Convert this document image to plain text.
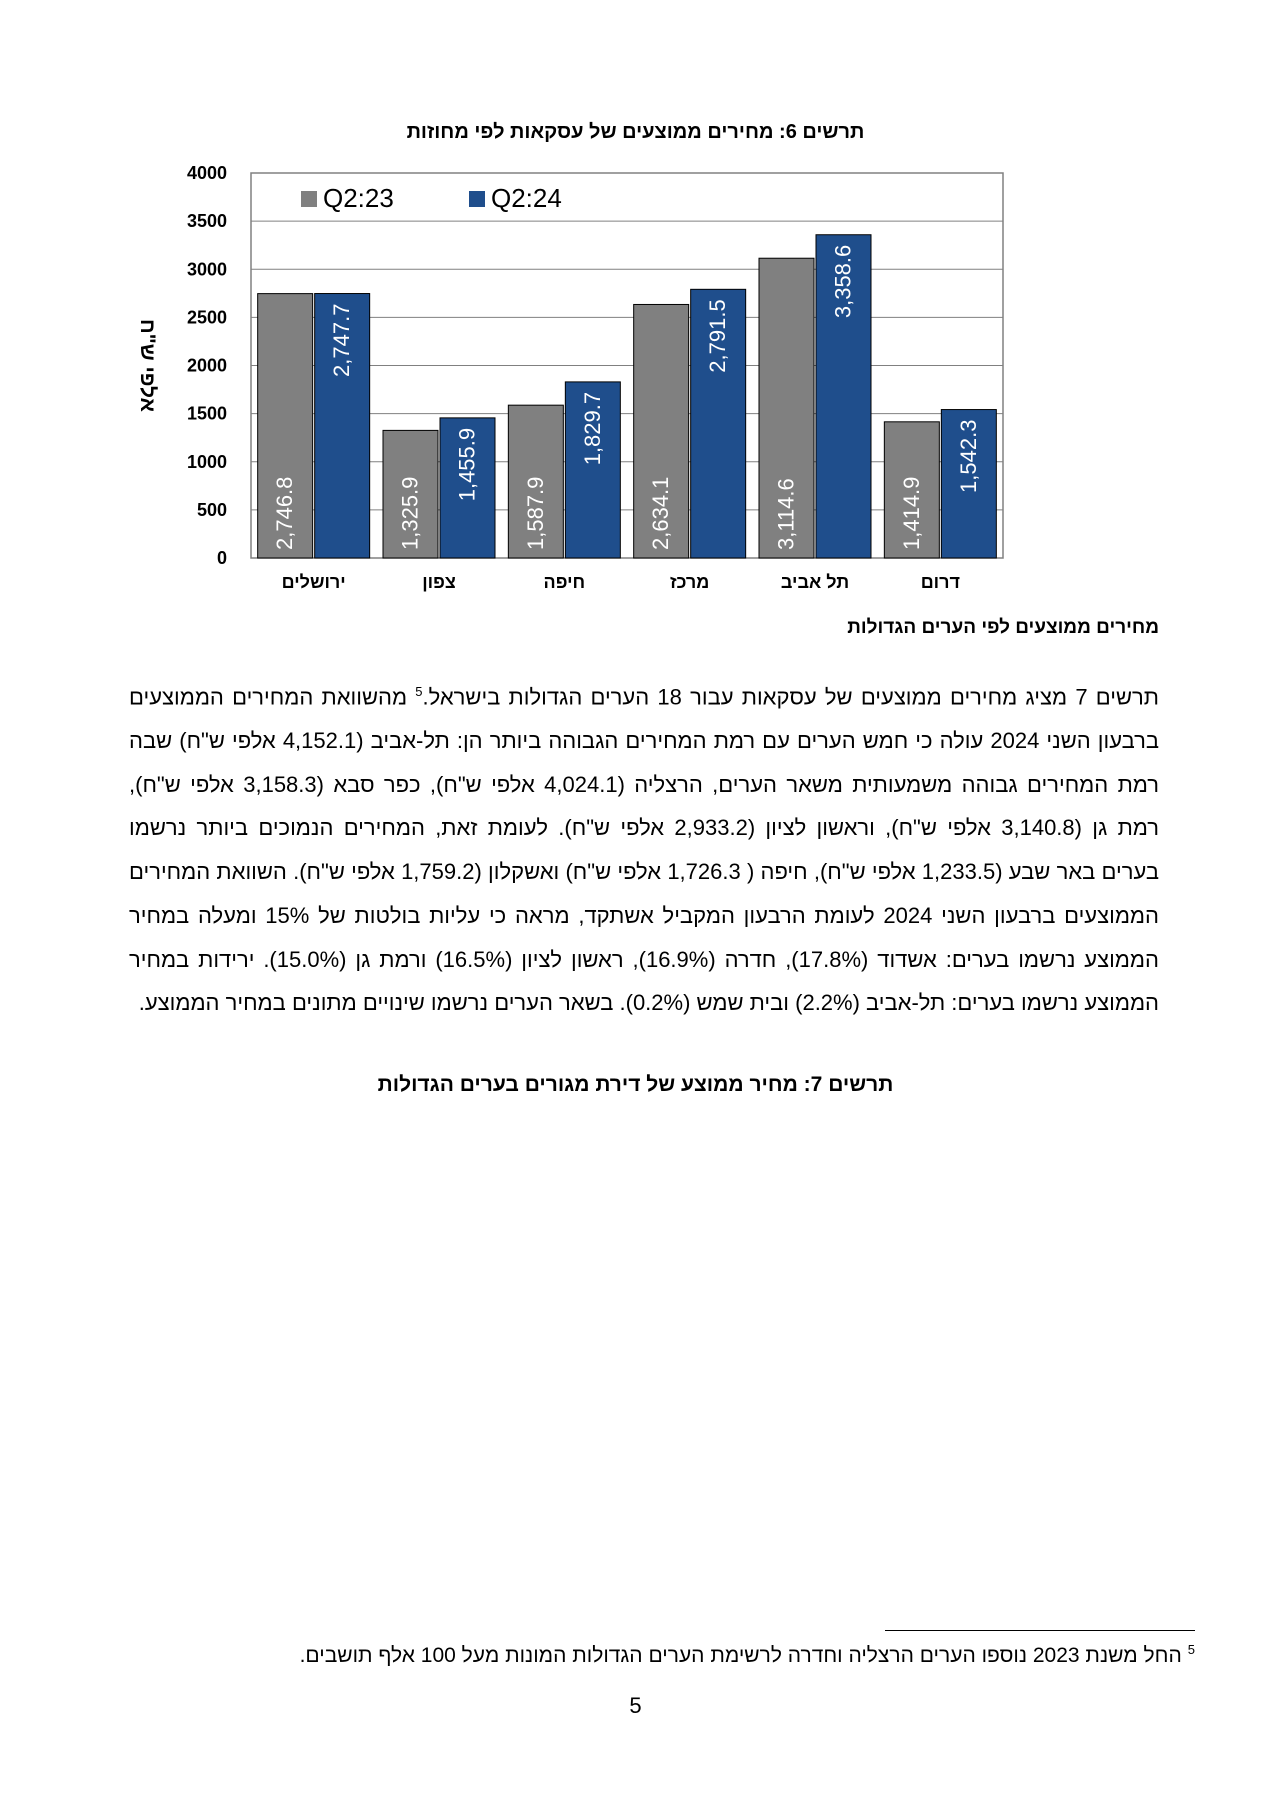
תרשים 6: מחירים ממוצעים של עסקאות לפי מחוזות
0
500
1000
1500
2000
2500
3000
3500
4000
אלפי ש"ח
2,746.8
2,747.7
ירושלים
1,325.9
1,455.9
צפון
1,587.9
1,829.7
חיפה
2,634.1
2,791.5
מרכז
3,114.6
3,358.6
תל אביב
1,414.9
1,542.3
דרום
Q2:23	Q2:24
מחירים ממוצעים לפי הערים הגדולות
תרשים 7 מציג מחירים ממוצעים של עסקאות עבור 18 הערים הגדולות בישראל.$^5$ מהשוואת המחירים הממוצעים ברבעון השני 2024 עולה כי חמש הערים עם רמת המחירים הגבוהה ביותר הן: תל-אביב (4,152.1 אלפי ש"ח) שבה רמת המחירים גבוהה משמעותית משאר הערים, הרצליה (4,024.1 אלפי ש"ח), כפר סבא (3,158.3 אלפי ש"ח), רמת גן (3,140.8 אלפי ש"ח), וראשון לציון (2,933.2 אלפי ש"ח). לעומת זאת, המחירים הנמוכים ביותר נרשמו בערים באר שבע (1,233.5 אלפי ש"ח), חיפה ( 1,726.3 אלפי ש"ח) ואשקלון (1,759.2 אלפי ש"ח). השוואת המחירים הממוצעים ברבעון השני 2024 לעומת הרבעון המקביל אשתקד, מראה כי עליות בולטות של 15% ומעלה במחיר הממוצע נרשמו בערים: אשדוד (17.8%), חדרה (16.9%), ראשון לציון (16.5%) ורמת גן (15.0%). ירידות במחיר הממוצע נרשמו בערים: תל-אביב (2.2%) ובית שמש (0.2%). בשאר הערים נרשמו שינויים מתונים במחיר הממוצע.
תרשים 7: מחיר ממוצע של דירת מגורים בערים הגדולות
$^5$החל משנת 2023 נוספו הערים הרצליה וחדרה לרשימת הערים הגדולות המונות מעל 100 אלף תושבים.
5
